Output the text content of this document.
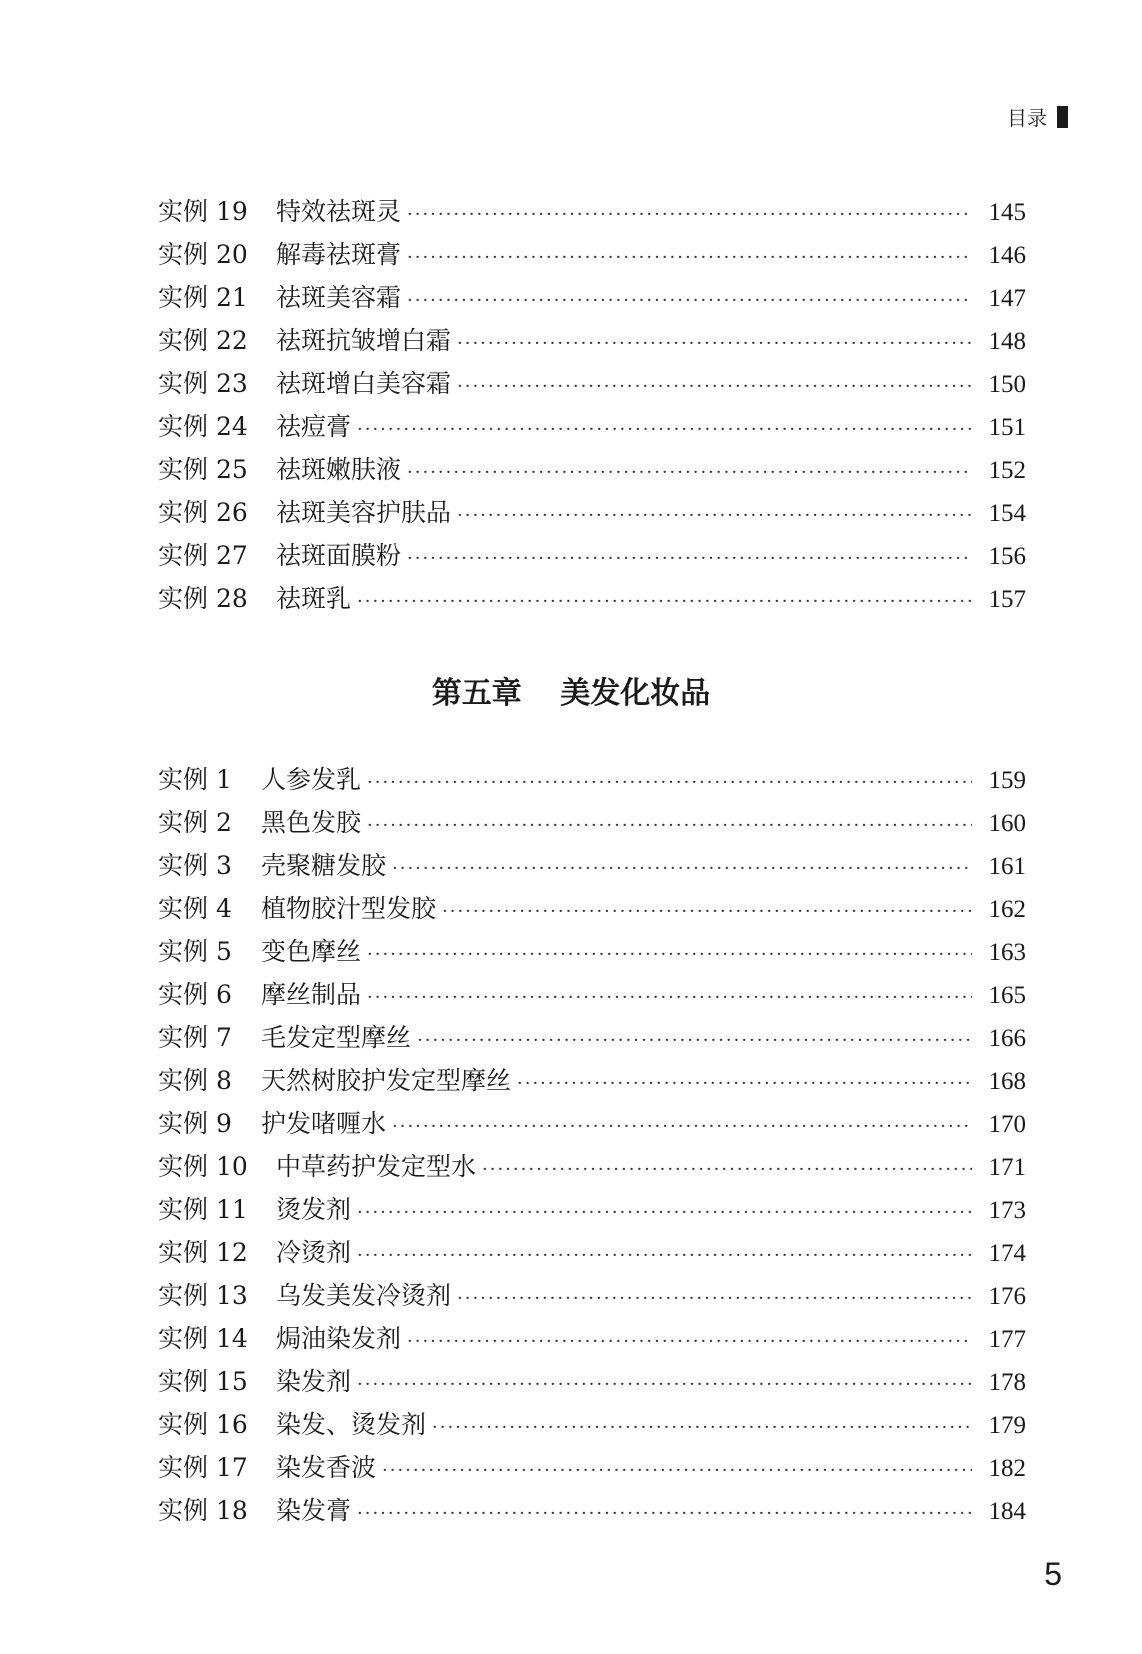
目录
实例 19	特效祛斑灵 ·····	145
实例 20	解毒祛斑膏 ·····	146
实例 21	祛斑美容霜 ·····	147
实例 22	祛斑抗皱增白霜 ·····	148
实例 23	祛斑增白美容霜 ·····	150
实例 24	祛痘膏 ·····	151
实例 25	祛斑嫩肤液 ·····	152
实例 26	祛斑美容护肤品 ·····	154
实例 27	祛斑面膜粉 ·····	156
实例 28	祛斑乳 ·····	157
第五章 美发化妆品
实例 1	人参发乳 ·····	159
实例 2	黑色发胶 ·····	160
实例 3	壳聚糖发胶 ·····	161
实例 4	植物胶汁型发胶 ·····	162
实例 5	变色摩丝 ·····	163
实例 6	摩丝制品 ·····	165
实例 7	毛发定型摩丝 ·····	166
实例 8	天然树胶护发定型摩丝 ·····	168
实例 9	护发啫喱水 ·····	170
实例 10	中草药护发定型水 ·····	171
实例 11	烫发剂 ·····	173
实例 12	冷烫剂 ·····	174
实例 13	乌发美发冷烫剂 ·····	176
实例 14	焗油染发剂 ·····	177
实例 15	染发剂 ·····	178
实例 16	染发、烫发剂 ·····	179
实例 17	染发香波 ·····	182
实例 18	染发膏 ·····	184
5
